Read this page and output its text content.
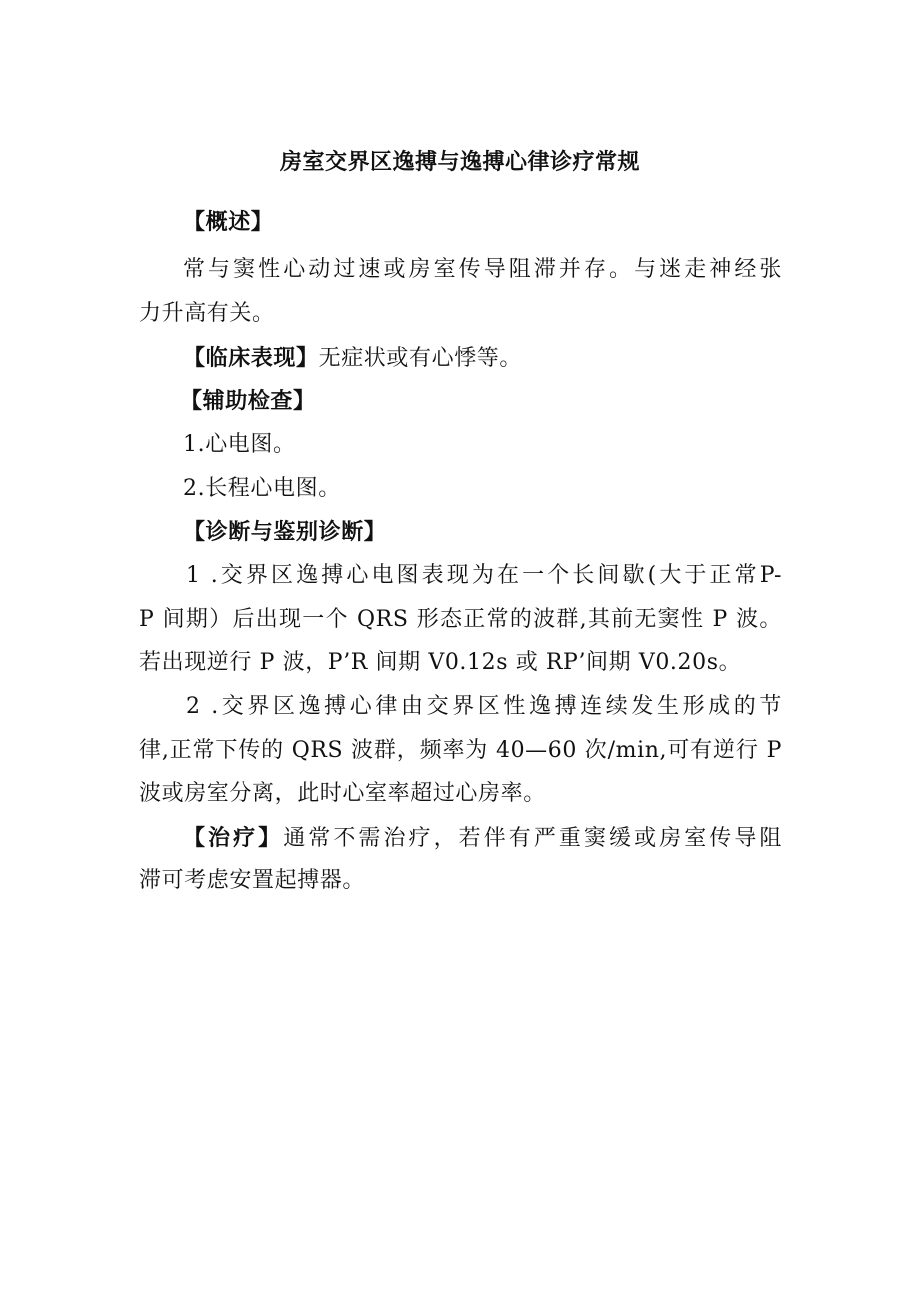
房室交界区逸搏与逸搏心律诊疗常规
【概述】
常与窦性心动过速或房室传导阻滞并存。与迷走神经张
力升高有关。
【临床表现】无症状或有心悸等。
【辅助检查】
1.心电图。
2.长程心电图。
【诊断与鉴别诊断】
1 .交界区逸搏心电图表现为在一个长间歇(大于正常P-
P 间期）后出现一个 QRS 形态正常的波群,其前无窦性 P 波。
若出现逆行 P 波，P’R 间期 V0.12s 或 RP’间期 V0.20s。
2 .交界区逸搏心律由交界区性逸搏连续发生形成的节
律,正常下传的 QRS 波群，频率为 40—60 次/min,可有逆行 P
波或房室分离，此时心室率超过心房率。
【治疗】通常不需治疗，若伴有严重窦缓或房室传导阻
滞可考虑安置起搏器。
